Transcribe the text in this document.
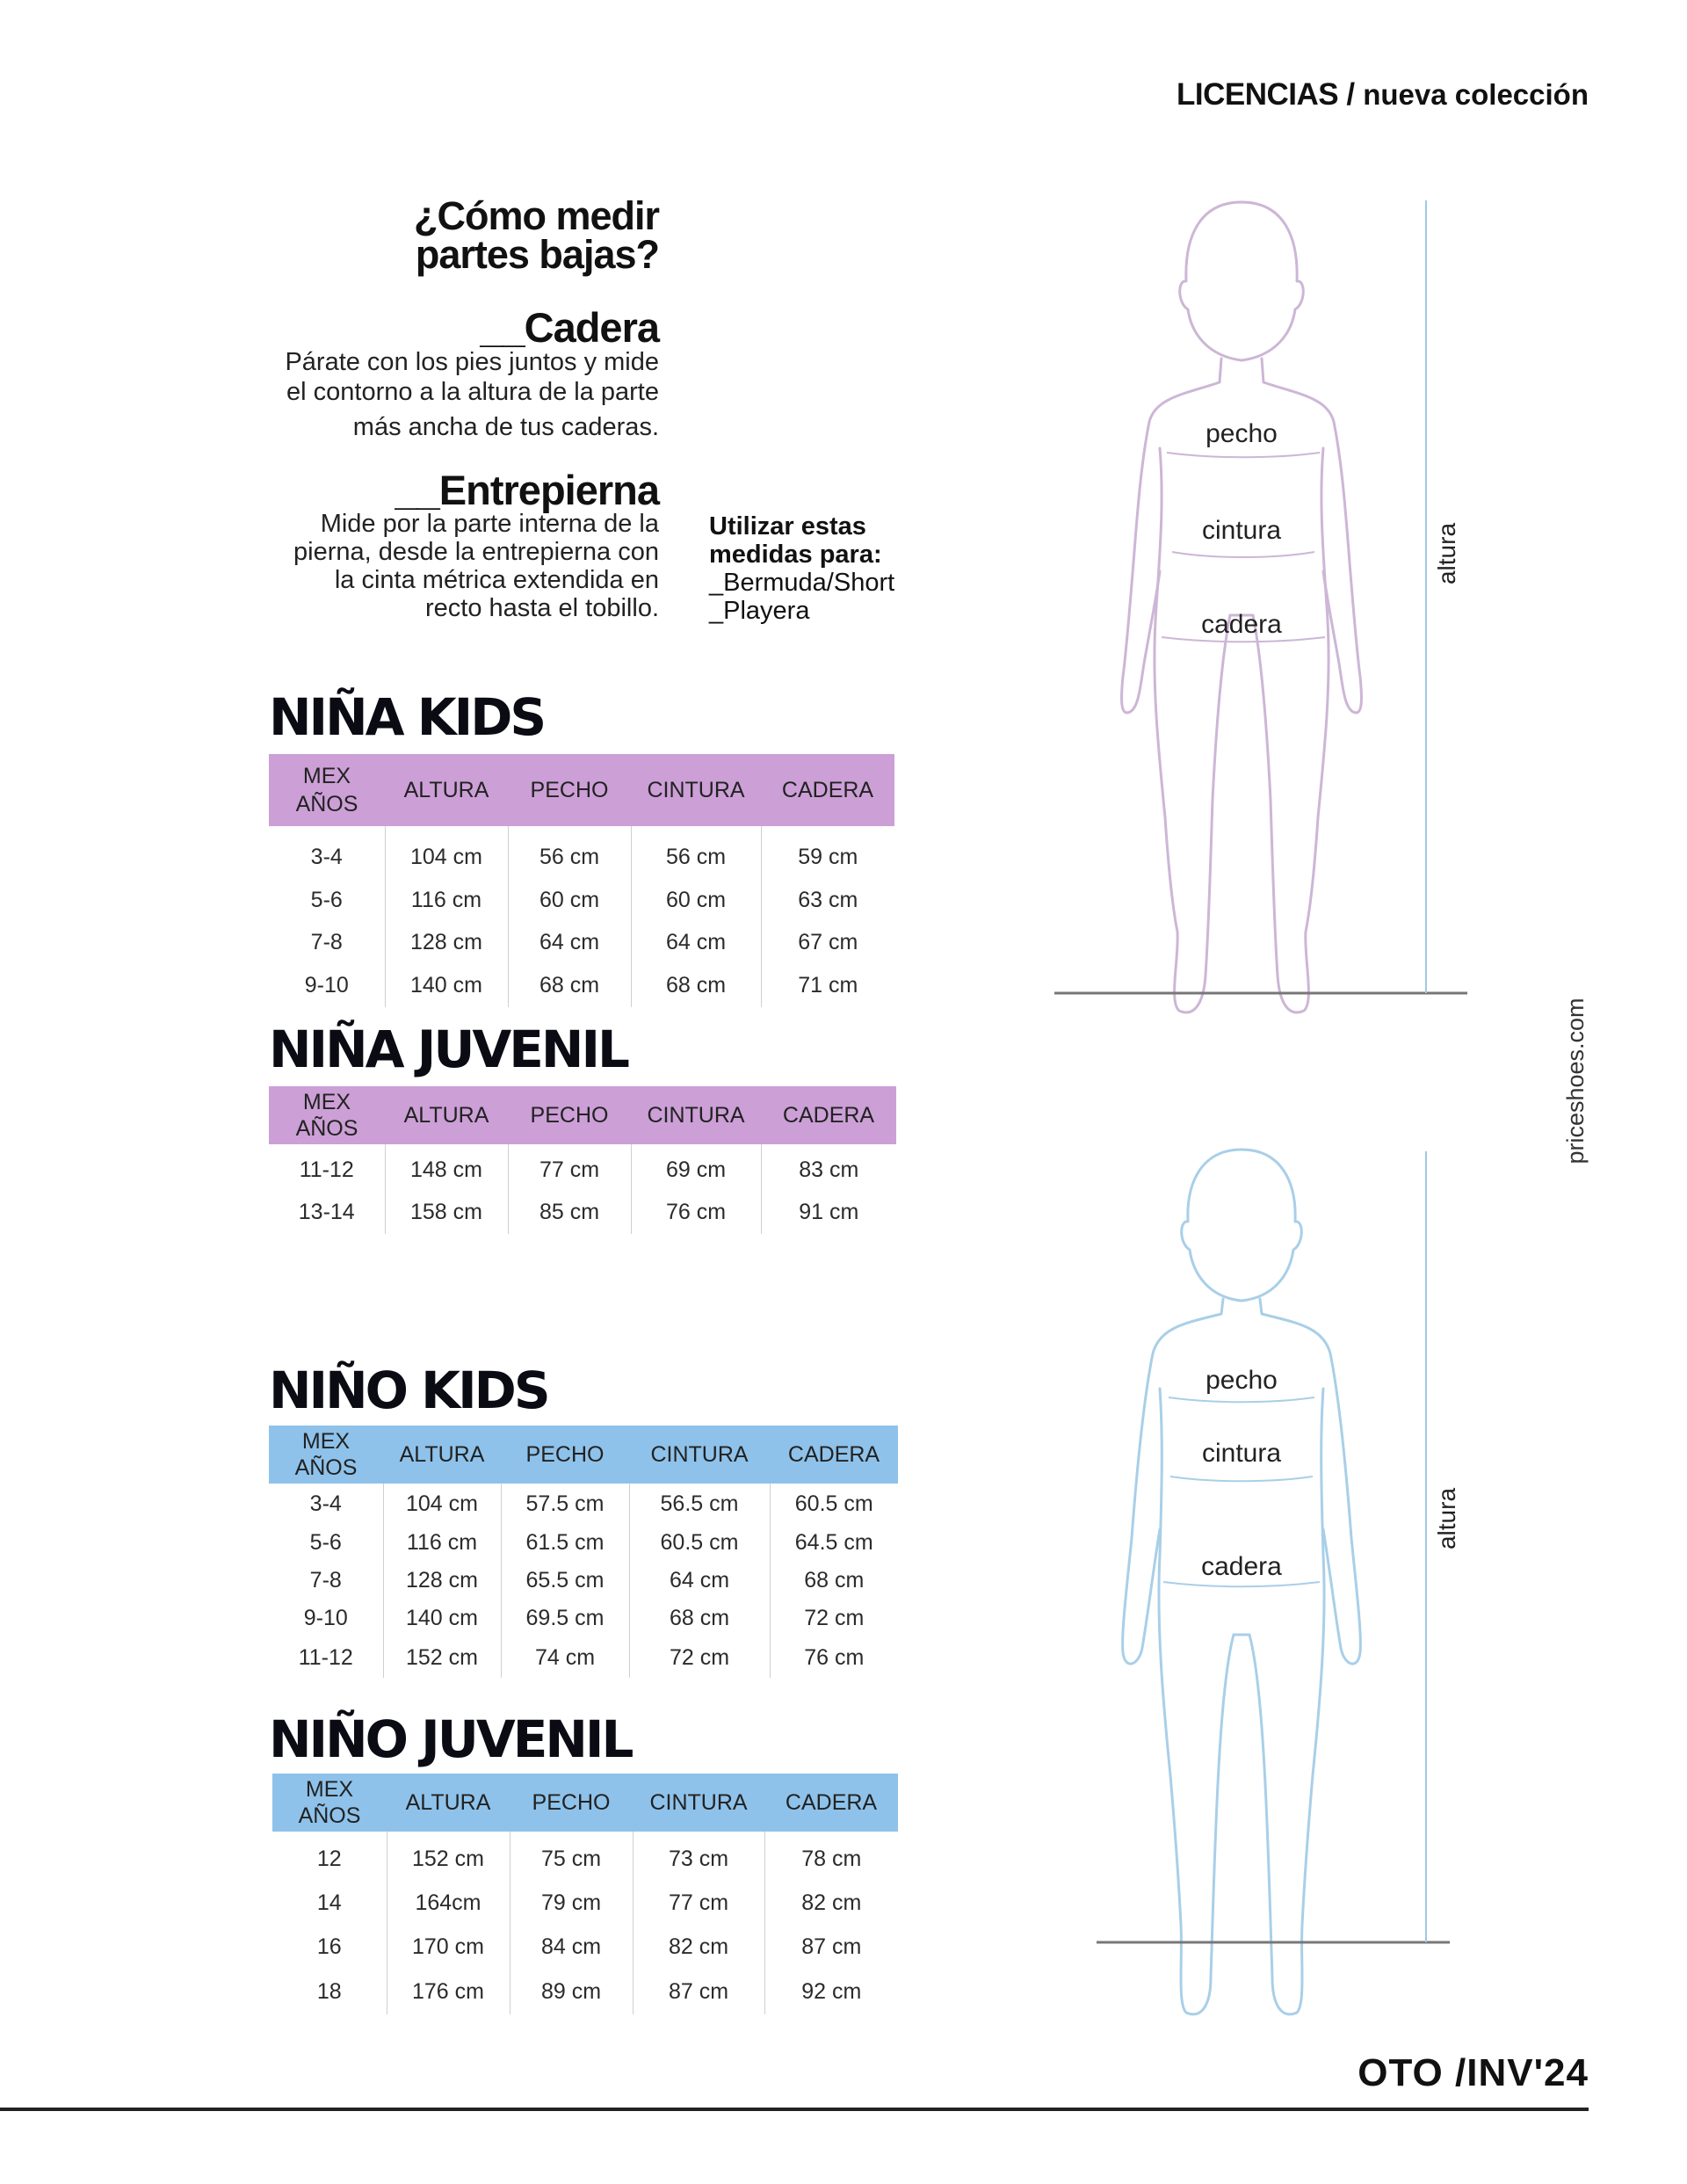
LICENCIAS / nueva colección
¿Cómo medir
partes bajas?
__Cadera
Párate con los pies juntos y mide
el contorno a la altura de la parte
más ancha de tus caderas.
__Entrepierna
Mide por la parte interna de la
pierna, desde la entrepierna con
la cinta métrica extendida en
recto hasta el tobillo.
Utilizar estas
medidas para:
_Bermuda/Short
_Playera
NIÑA KIDS
MEX
AÑOS	ALTURA	PECHO	CINTURA	CADERA
3-4	104 cm	56 cm	56 cm	59 cm
5-6	116 cm	60 cm	60 cm	63 cm
7-8	128 cm	64 cm	64 cm	67 cm
9-10	140 cm	68 cm	68 cm	71 cm
NIÑA JUVENIL
MEX
AÑOS	ALTURA	PECHO	CINTURA	CADERA
11-12	148 cm	77 cm	69 cm	83 cm
13-14	158 cm	85 cm	76 cm	91 cm
NIÑO KIDS
MEX
AÑOS	ALTURA	PECHO	CINTURA	CADERA
3-4	104 cm	57.5 cm	56.5 cm	60.5 cm
5-6	116 cm	61.5 cm	60.5 cm	64.5 cm
7-8	128 cm	65.5 cm	64 cm	68 cm
9-10	140 cm	69.5 cm	68 cm	72 cm
11-12	152 cm	74 cm	72 cm	76 cm
NIÑO JUVENIL
MEX
AÑOS	ALTURA	PECHO	CINTURA	CADERA
12	152 cm	75 cm	73 cm	78 cm
14	164cm	79 cm	77 cm	82 cm
16	170 cm	84 cm	82 cm	87 cm
18	176 cm	89 cm	87 cm	92 cm
pecho
cintura
cadera
altura
pecho
cintura
cadera
altura
priceshoes.com
OTO /INV'24
